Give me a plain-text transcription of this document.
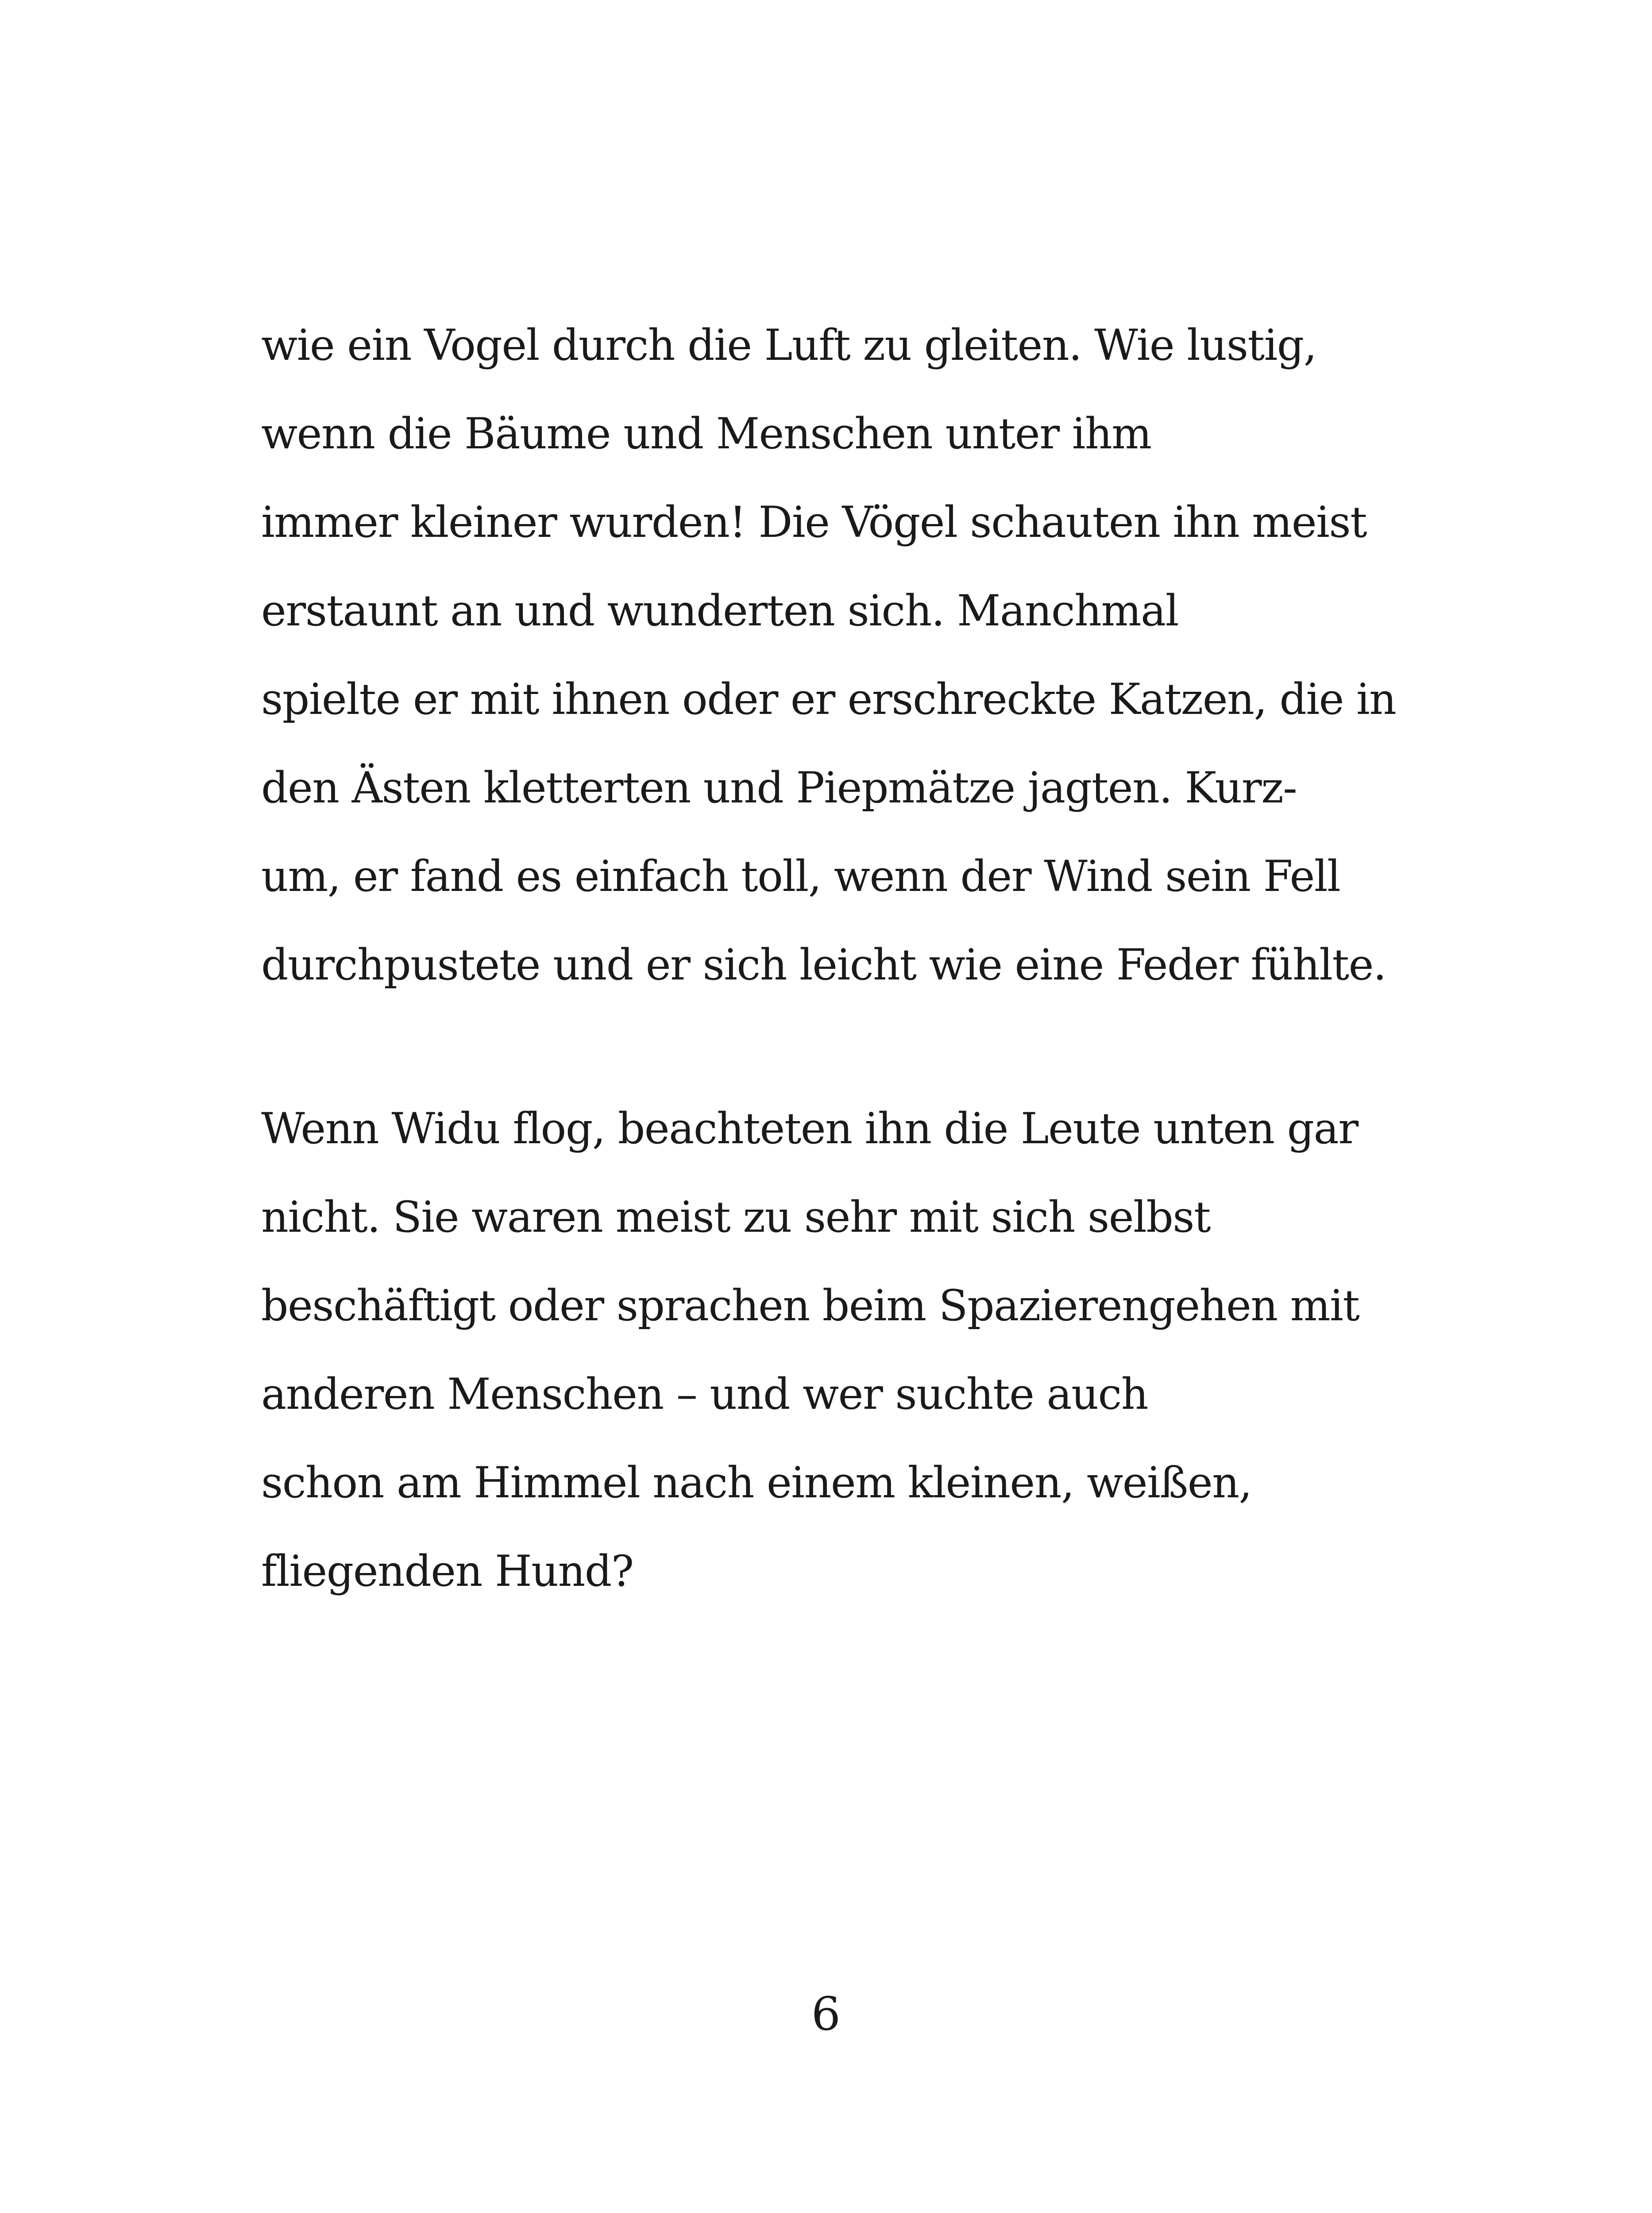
wie ein Vogel durch die Luft zu gleiten. Wie lustig,
wenn die Bäume und Menschen unter ihm
immer kleiner wurden! Die Vögel schauten ihn meist
erstaunt an und wunderten sich. Manchmal
spielte er mit ihnen oder er erschreckte Katzen, die in
den Ästen kletterten und Piepmätze jagten. Kurz-
um, er fand es einfach toll, wenn der Wind sein Fell
durchpustete und er sich leicht wie eine Feder fühlte.
Wenn Widu flog, beachteten ihn die Leute unten gar
nicht. Sie waren meist zu sehr mit sich selbst
beschäftigt oder sprachen beim Spazierengehen mit
anderen Menschen – und wer suchte auch
schon am Himmel nach einem kleinen, weißen,
fliegenden Hund?
6
